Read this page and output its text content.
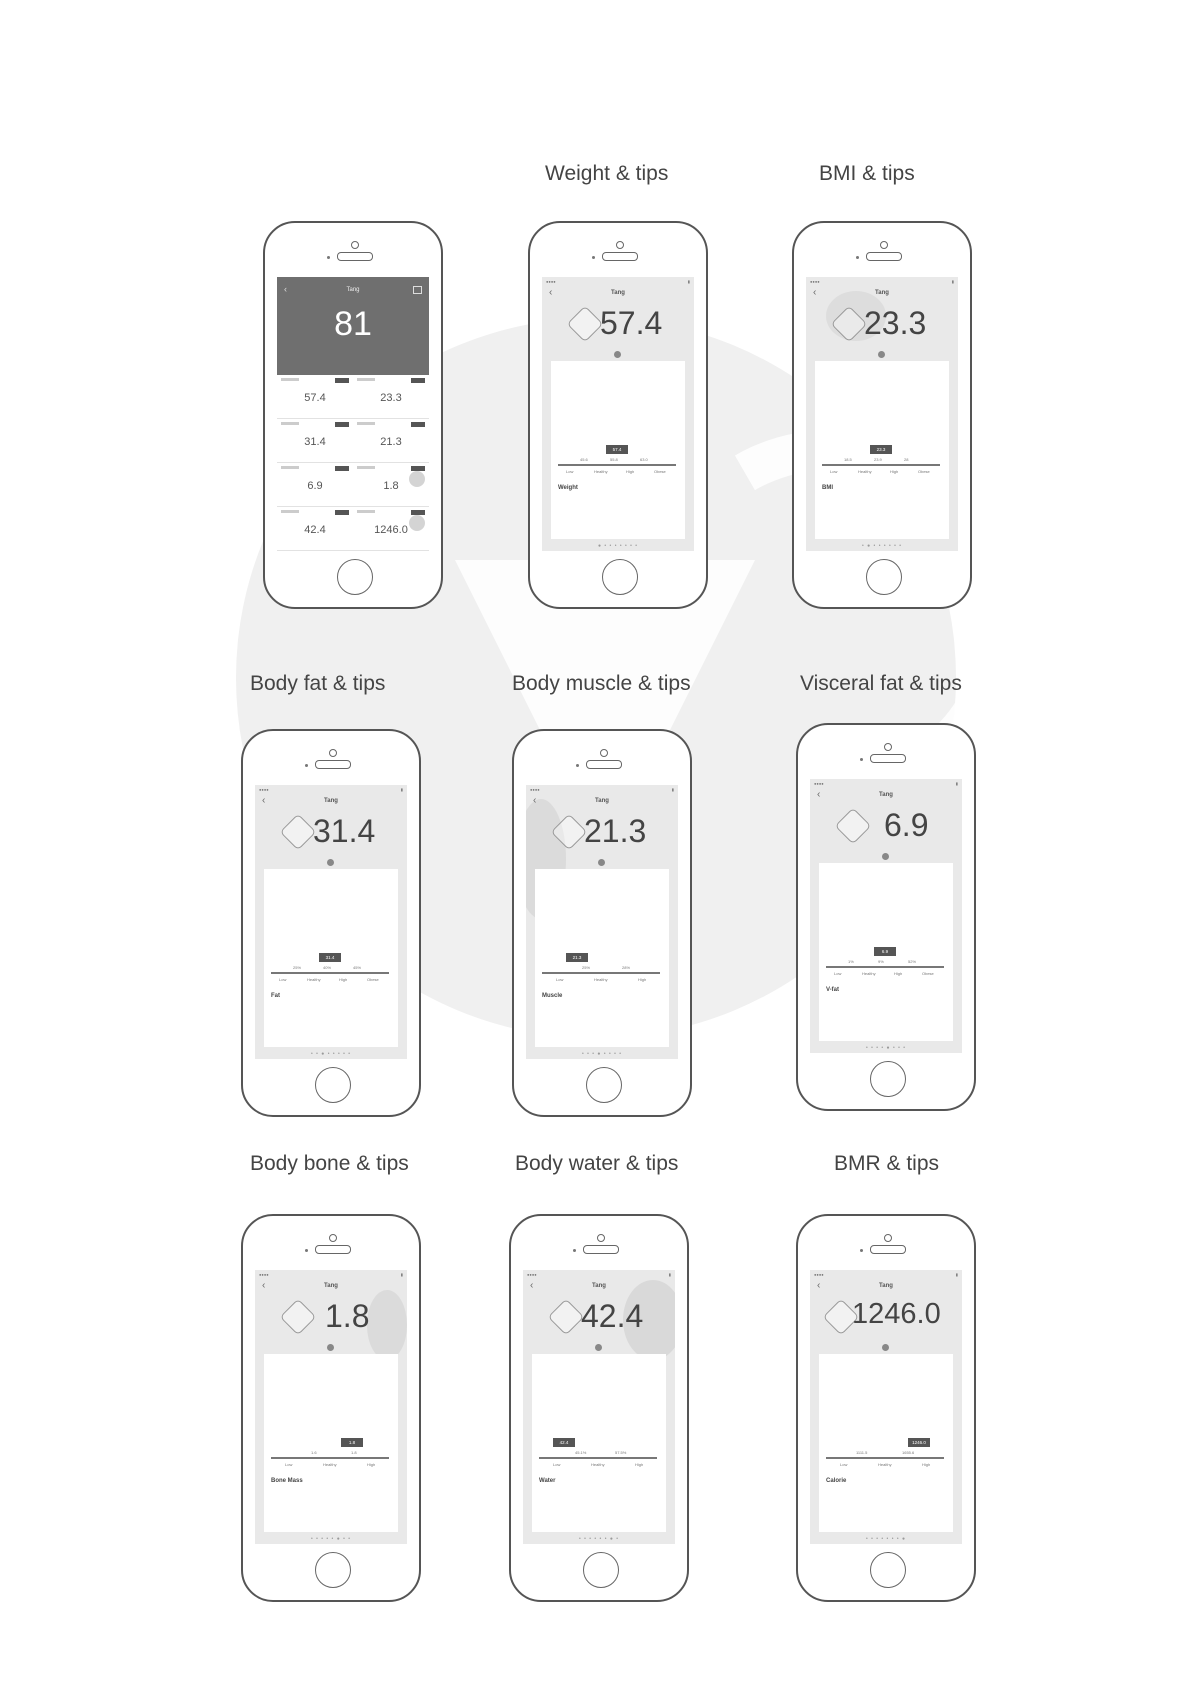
Weight & tips	BMI & tips
Body fat & tips	Body muscle & tips	Visceral fat & tips
Body bone & tips	Body water & tips	BMR & tips
‹	Tang
81
57.4	23.3
31.4	21.3
6.9	1.8
42.4	1246.0
●●●●	▮
‹	Tang
57.4
57.4
45.6	55.8	63.0
Low	Healthy	High	Obese
Weight
● • • • • • • •
●●●●	▮
‹	Tang
23.3
23.3
18.5	23.9	28
Low	Healthy	High	Obese
BMI
• ● • • • • • •
●●●●	▮
‹	Tang
31.4
31.4
25%	40%	45%
Low	Healthy	High	Obese
Fat
• • ● • • • • •
●●●●	▮
‹	Tang
21.3
21.3
25%	28%
Low	Healthy	High
Muscle
• • • ● • • • •
●●●●	▮
‹	Tang
6.9
6.9
1%	9%	52%
Low	Healthy	High	Obese
V-fat
• • • • ● • • •
●●●●	▮
‹	Tang
1.8
1.8
1.6	1.8
Low	Healthy	High
Bone Mass
• • • • • ● • •
●●●●	▮
‹	Tang
42.4
42.4
45.1%	57.5%
Low	Healthy	High
Water
• • • • • • ● •
●●●●	▮
‹	Tang
1246.0
1246.0
1111.5	1655.6
Low	Healthy	High
Calorie
• • • • • • • ●
